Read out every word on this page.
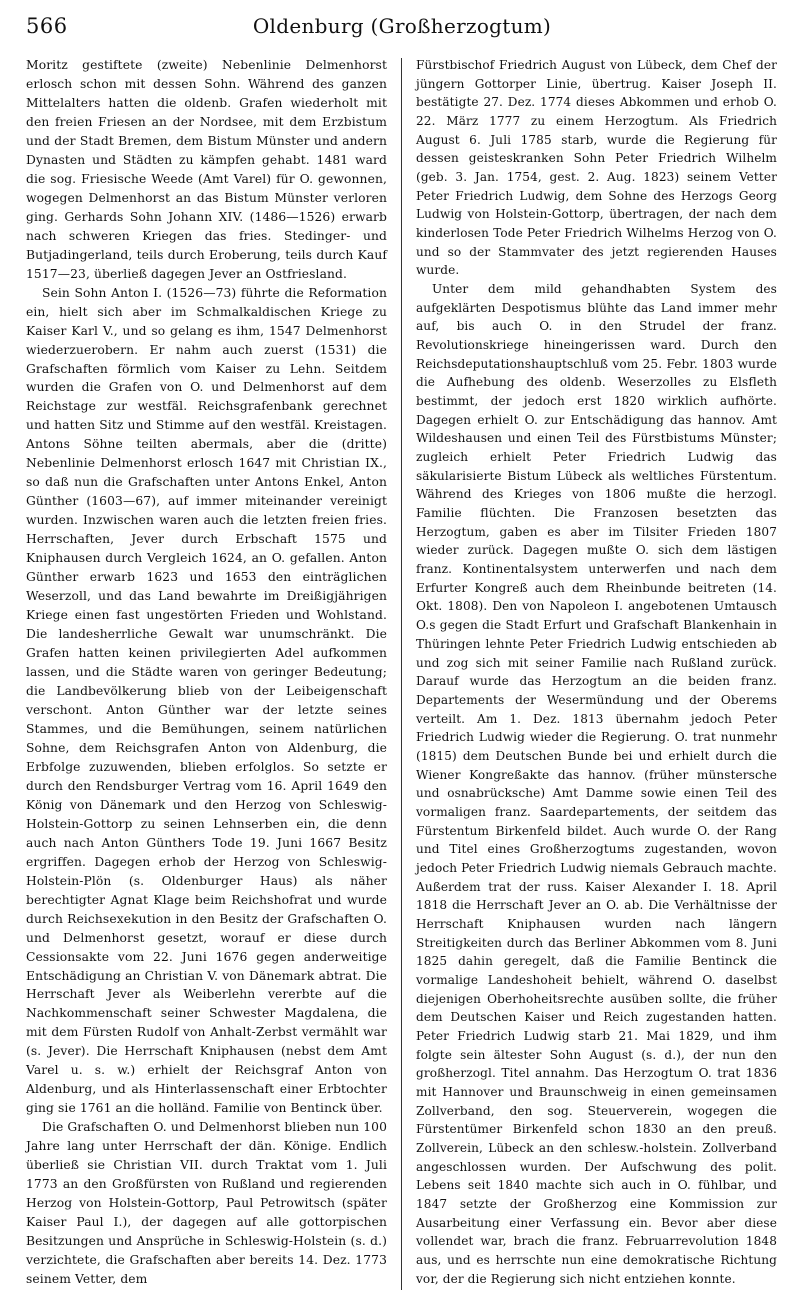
566	Oldenburg (Großherzogtum)

Moritz gestiftete (zweite) Nebenlinie Delmenhorst erlosch schon mit dessen Sohn. Während des ganzen Mittelalters hatten die oldenb. Grafen wiederholt mit den freien Friesen an der Nordsee, mit dem Erzbistum und der Stadt Bremen, dem Bistum Münster und andern Dynasten und Städten zu kämpfen gehabt. 1481 ward die sog. Friesische Weede (Amt Varel) für O. gewonnen, wogegen Delmenhorst an das Bistum Münster verloren ging. Gerhards Sohn Johann XIV. (1486—1526) erwarb nach schweren Kriegen das fries. Stedinger- und Butjadingerland, teils durch Eroberung, teils durch Kauf 1517—23, überließ dagegen Jever an Ostfriesland.

Sein Sohn Anton I. (1526—73) führte die Reformation ein, hielt sich aber im Schmalkaldischen Kriege zu Kaiser Karl V., und so gelang es ihm, 1547 Delmenhorst wiederzuerobern. Er nahm auch zuerst (1531) die Grafschaften förmlich vom Kaiser zu Lehn. Seitdem wurden die Grafen von O. und Delmenhorst auf dem Reichstage zur westfäl. Reichsgrafenbank gerechnet und hatten Sitz und Stimme auf den westfäl. Kreistagen. Antons Söhne teilten abermals, aber die (dritte) Nebenlinie Delmenhorst erlosch 1647 mit Christian IX., so daß nun die Grafschaften unter Antons Enkel, Anton Günther (1603—67), auf immer miteinander vereinigt wurden. Inzwischen waren auch die letzten freien fries. Herrschaften, Jever durch Erbschaft 1575 und Kniphausen durch Vergleich 1624, an O. gefallen. Anton Günther erwarb 1623 und 1653 den einträglichen Weserzoll, und das Land bewahrte im Dreißigjährigen Kriege einen fast ungestörten Frieden und Wohlstand. Die landesherrliche Gewalt war unumschränkt. Die Grafen hatten keinen privilegierten Adel aufkommen lassen, und die Städte waren von geringer Bedeutung; die Landbevölkerung blieb von der Leibeigenschaft verschont. Anton Günther war der letzte seines Stammes, und die Bemühungen, seinem natürlichen Sohne, dem Reichsgrafen Anton von Aldenburg, die Erbfolge zuzuwenden, blieben erfolglos. So setzte er durch den Rendsburger Vertrag vom 16. April 1649 den König von Dänemark und den Herzog von Schleswig-Holstein-Gottorp zu seinen Lehnserben ein, die denn auch nach Anton Günthers Tode 19. Juni 1667 Besitz ergriffen. Dagegen erhob der Herzog von Schleswig-Holstein-Plön (s. Oldenburger Haus) als näher berechtigter Agnat Klage beim Reichshofrat und wurde durch Reichsexekution in den Besitz der Grafschaften O. und Delmenhorst gesetzt, worauf er diese durch Cessionsakte vom 22. Juni 1676 gegen anderweitige Entschädigung an Christian V. von Dänemark abtrat. Die Herrschaft Jever als Weiberlehn vererbte auf die Nachkommenschaft seiner Schwester Magdalena, die mit dem Fürsten Rudolf von Anhalt-Zerbst vermählt war (s. Jever). Die Herrschaft Kniphausen (nebst dem Amt Varel u. s. w.) erhielt der Reichsgraf Anton von Aldenburg, und als Hinterlassenschaft einer Erbtochter ging sie 1761 an die holländ. Familie von Bentinck über.

Die Grafschaften O. und Delmenhorst blieben nun 100 Jahre lang unter Herrschaft der dän. Könige. Endlich überließ sie Christian VII. durch Traktat vom 1. Juli 1773 an den Großfürsten von Rußland und regierenden Herzog von Holstein-Gottorp, Paul Petrowitsch (später Kaiser Paul I.), der dagegen auf alle gottorpischen Besitzungen und Ansprüche in Schleswig-Holstein (s. d.) verzichtete, die Grafschaften aber bereits 14. Dez. 1773 seinem Vetter, dem

Fürstbischof Friedrich August von Lübeck, dem Chef der jüngern Gottorper Linie, übertrug. Kaiser Joseph II. bestätigte 27. Dez. 1774 dieses Abkommen und erhob O. 22. März 1777 zu einem Herzogtum. Als Friedrich August 6. Juli 1785 starb, wurde die Regierung für dessen geisteskranken Sohn Peter Friedrich Wilhelm (geb. 3. Jan. 1754, gest. 2. Aug. 1823) seinem Vetter Peter Friedrich Ludwig, dem Sohne des Herzogs Georg Ludwig von Holstein-Gottorp, übertragen, der nach dem kinderlosen Tode Peter Friedrich Wilhelms Herzog von O. und so der Stammvater des jetzt regierenden Hauses wurde.

Unter dem mild gehandhabten System des aufgeklärten Despotismus blühte das Land immer mehr auf, bis auch O. in den Strudel der franz. Revolutionskriege hineingerissen ward. Durch den Reichsdeputationshauptschluß vom 25. Febr. 1803 wurde die Aufhebung des oldenb. Weserzolles zu Elsfleth bestimmt, der jedoch erst 1820 wirklich aufhörte. Dagegen erhielt O. zur Entschädigung das hannov. Amt Wildeshausen und einen Teil des Fürstbistums Münster; zugleich erhielt Peter Friedrich Ludwig das säkularisierte Bistum Lübeck als weltliches Fürstentum. Während des Krieges von 1806 mußte die herzogl. Familie flüchten. Die Franzosen besetzten das Herzogtum, gaben es aber im Tilsiter Frieden 1807 wieder zurück. Dagegen mußte O. sich dem lästigen franz. Kontinentalsystem unterwerfen und nach dem Erfurter Kongreß auch dem Rheinbunde beitreten (14. Okt. 1808). Den von Napoleon I. angebotenen Umtausch O.s gegen die Stadt Erfurt und Grafschaft Blankenhain in Thüringen lehnte Peter Friedrich Ludwig entschieden ab und zog sich mit seiner Familie nach Rußland zurück. Darauf wurde das Herzogtum an die beiden franz. Departements der Wesermündung und der Oberems verteilt. Am 1. Dez. 1813 übernahm jedoch Peter Friedrich Ludwig wieder die Regierung. O. trat nunmehr (1815) dem Deutschen Bunde bei und erhielt durch die Wiener Kongreßakte das hannov. (früher münstersche und osnabrücksche) Amt Damme sowie einen Teil des vormaligen franz. Saardepartements, der seitdem das Fürstentum Birkenfeld bildet. Auch wurde O. der Rang und Titel eines Großherzogtums zugestanden, wovon jedoch Peter Friedrich Ludwig niemals Gebrauch machte. Außerdem trat der russ. Kaiser Alexander I. 18. April 1818 die Herrschaft Jever an O. ab. Die Verhältnisse der Herrschaft Kniphausen wurden nach längern Streitigkeiten durch das Berliner Abkommen vom 8. Juni 1825 dahin geregelt, daß die Familie Bentinck die vormalige Landeshoheit behielt, während O. daselbst diejenigen Oberhoheitsrechte ausüben sollte, die früher dem Deutschen Kaiser und Reich zugestanden hatten. Peter Friedrich Ludwig starb 21. Mai 1829, und ihm folgte sein ältester Sohn August (s. d.), der nun den großherzogl. Titel annahm. Das Herzogtum O. trat 1836 mit Hannover und Braunschweig in einen gemeinsamen Zollverband, den sog. Steuerverein, wogegen die Fürstentümer Birkenfeld schon 1830 an den preuß. Zollverein, Lübeck an den schlesw.-holstein. Zollverband angeschlossen wurden. Der Aufschwung des polit. Lebens seit 1840 machte sich auch in O. fühlbar, und 1847 setzte der Großherzog eine Kommission zur Ausarbeitung einer Verfassung ein. Bevor aber diese vollendet war, brach die franz. Februarrevolution 1848 aus, und es herrschte nun eine demokratische Richtung vor, der die Regierung sich nicht entziehen konnte.
